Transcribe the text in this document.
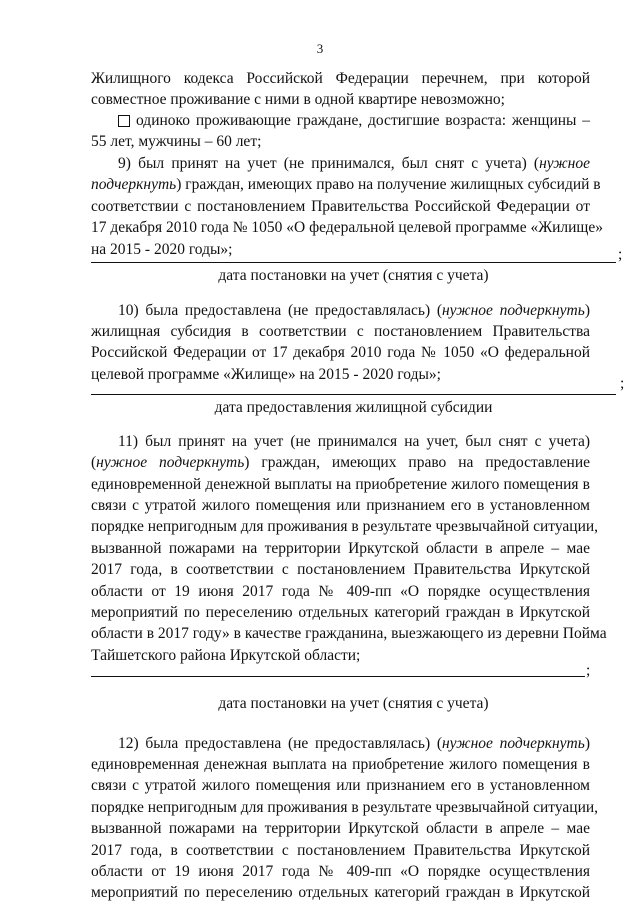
3
Жилищного кодекса Российской Федерации перечнем, при которой
совместное проживание с ними в одной квартире невозможно;
одиноко проживающие граждане, достигшие возраста: женщины –
55 лет, мужчины – 60 лет;
9) был принят на учет (не принимался, был снят с учета) (нужное
подчеркнуть) граждан, имеющих право на получение жилищных субсидий в
соответствии с постановлением Правительства Российской Федерации от
17 декабря 2010 года № 1050 «О федеральной целевой программе «Жилище»
на 2015 - 2020 годы»;	;
дата постановки на учет (снятия с учета)
10) была предоставлена (не предоставлялась) (нужное подчеркнуть)
жилищная субсидия в соответствии с постановлением Правительства
Российской Федерации от 17 декабря 2010 года № 1050 «О федеральной
целевой программе «Жилище» на 2015 - 2020 годы»;
;
дата предоставления жилищной субсидии
11) был принят на учет (не принимался на учет, был снят с учета)
(нужное подчеркнуть) граждан, имеющих право на предоставление
единовременной денежной выплаты на приобретение жилого помещения в
связи с утратой жилого помещения или признанием его в установленном
порядке непригодным для проживания в результате чрезвычайной ситуации,
вызванной пожарами на территории Иркутской области в апреле – мае
2017 года, в соответствии с постановлением Правительства Иркутской
области от 19 июня 2017 года № 409-пп «О порядке осуществления
мероприятий по переселению отдельных категорий граждан в Иркутской
области в 2017 году» в качестве гражданина, выезжающего из деревни Пойма
Тайшетского района Иркутской области;
;
дата постановки на учет (снятия с учета)
12) была предоставлена (не предоставлялась) (нужное подчеркнуть)
единовременная денежная выплата на приобретение жилого помещения в
связи с утратой жилого помещения или признанием его в установленном
порядке непригодным для проживания в результате чрезвычайной ситуации,
вызванной пожарами на территории Иркутской области в апреле – мае
2017 года, в соответствии с постановлением Правительства Иркутской
области от 19 июня 2017 года № 409-пп «О порядке осуществления
мероприятий по переселению отдельных категорий граждан в Иркутской
